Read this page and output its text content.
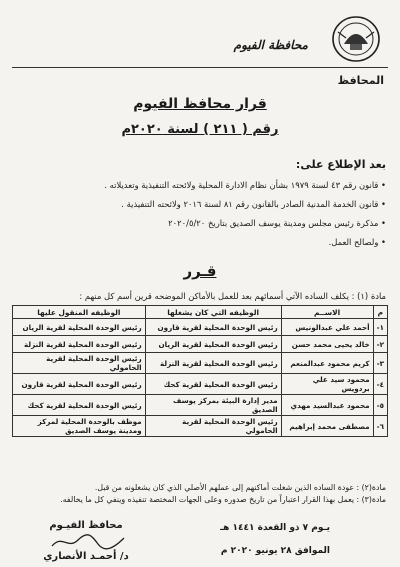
محافظة الفيوم
المحافظ
قرار محافظ الفيوم
رقم ( ٢١١ ) لسنة ٢٠٢٠م
بعد الإطلاع على:
• قانون رقم ٤٣ لسنة ١٩٧٩ بشأن نظام الادارة المحلية ولائحته التنفيذية وتعديلاته .
• قانون الخدمة المدنية الصادر بالقانون رقم ٨١ لسنة ٢٠١٦ ولائحته التنفيذية .
• مذكرة رئيس مجلس ومدينة يوسف الصديق بتاريخ ٢٠٢٠/٥/٢٠
• ولصالح العمل.
قـرر
مادة (١) : يكلف الساده الآتي أسمائهم بعد للعمل بالأماكن الموضحه قرين أسم كل منهم :
م	الاســم	الوظيفه التي كان يشغلها	الوظيفه المنقول عليها
١-	أحمد علي عبدالونيس	رئيس الوحدة المحلية لقرية قارون	رئيس الوحدة المحلية لقرية الريان
٢-	خالد يحيى محمد حسن	رئيس الوحدة المحلية لقرية الريان	رئيس الوحدة المحلية لقرية النزلة
٣-	كريم محمود عبدالمنعم	رئيس الوحدة المحلية لقرية النزلة	رئيس الوحدة المحلية لقرية الحامولي
٤-	محمود سيد علي بردويس	رئيس الوحدة المحلية لقرية كحك	رئيس الوحدة المحلية لقرية قارون
٥-	محمود عبدالسيد مهدي	مدير إدارة البيئة بمركز يوسف الصديق	رئيس الوحدة المحلية لقرية كحك
٦-	مصطفى محمد إبراهيم	رئيس الوحدة المحلية لقرية الحامولي	موظف بالوحدة المحلية لمركز ومدينة يوسف الصديق
مادة(٢) : عودة الساده الذين شغلت أماكنهم إلى عملهم الأصلي الذي كان يشغلونه من قبل.
مادة(٣) : يعمل بهذا القرار اعتباراً من تاريخ صدوره وعلى الجهات المختصة تنفيذه وينفي كل ما يخالفه.
يـوم ٧ ذو القعدة ١٤٤١ هـ
الموافق ٢٨ يونيو ٢٠٢٠ م
محافظ الفيـوم
د/ أحمـد الأنصاري
